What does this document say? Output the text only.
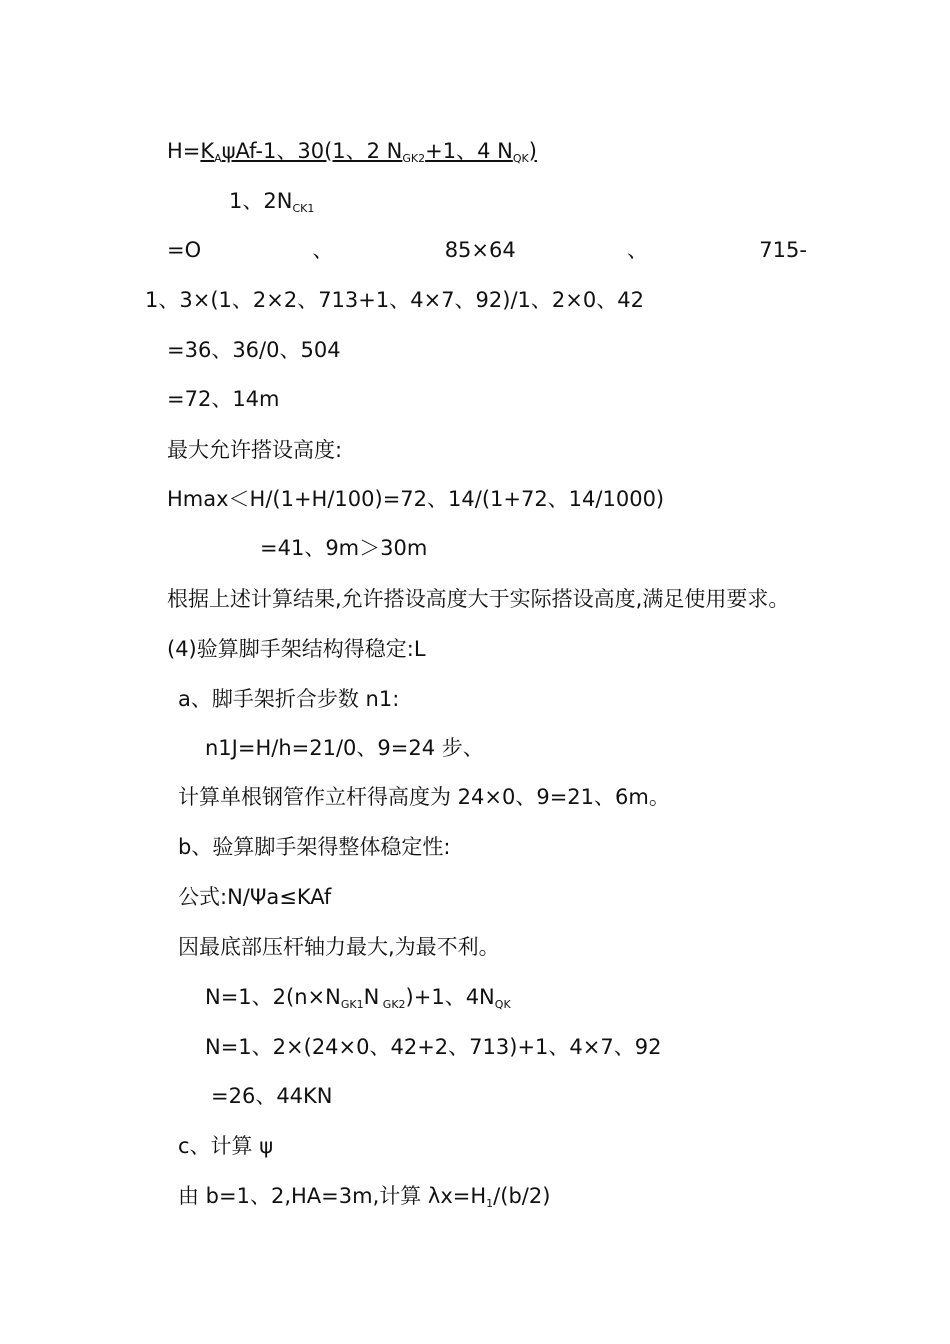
$H=K_A\psi Af-1$、30(1、2 $N_{GK2}+1$、4 $N_{QK}$)
1、$2N_{CK1}$
=O	、	85×64	、	715-
1、3×(1、2×2、713+1、4×7、92)/1、2×0、42
=36、36/0、504
=72、14m
最大允许搭设高度:
Hmax＜H/(1+H/100)=72、14/(1+72、14/1000)
=41、9m＞30m
根据上述计算结果,允许搭设高度大于实际搭设高度,满足使用要求。
(4)验算脚手架结构得稳定:L
a、脚手架折合步数 n1:
n1J=H/h=21/0、9=24 步、
计算单根钢管作立杆得高度为 24×0、9=21、6m。
b、验算脚手架得整体稳定性:
公式:N/Ψa≤KAf
因最底部压杆轴力最大,为最不利。
N=1、$2(n\times N_{GK1}N$ $_{GK2}$)+1、$4N_{QK}$
N=1、2×(24×0、42+2、713)+1、4×7、92
=26、44KN
c、计算 ψ
由 b=1、2,HA=3m,计算 $\lambda x=H_1/(b/2)$
